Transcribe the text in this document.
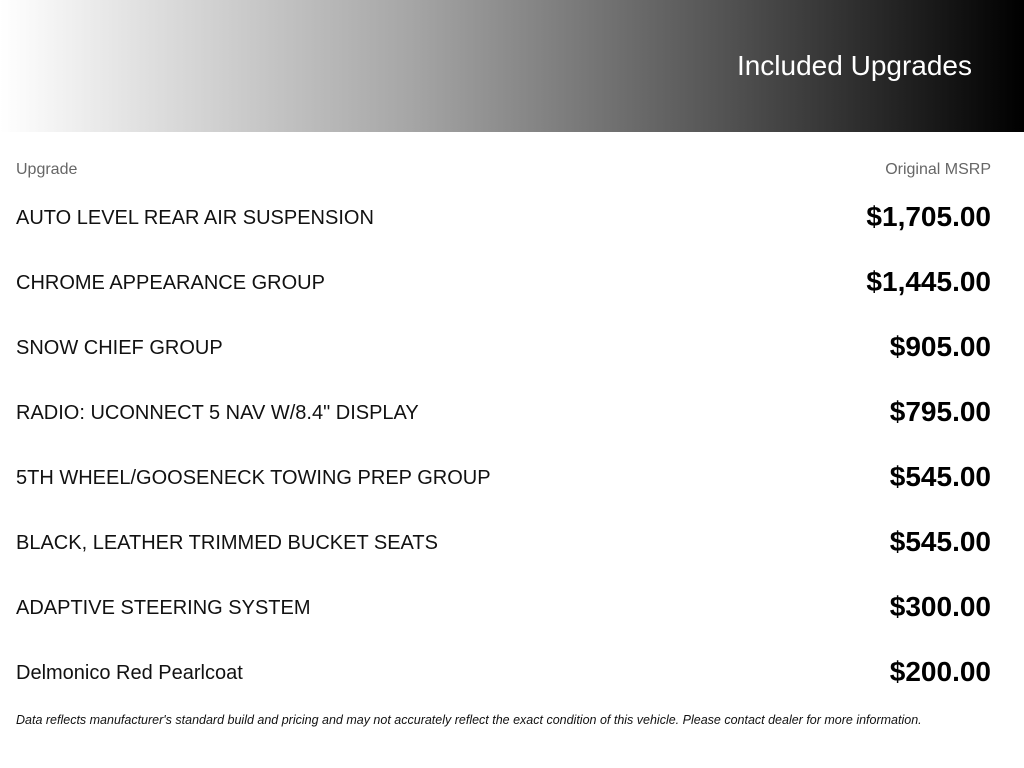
Included Upgrades
Upgrade	Original MSRP
AUTO LEVEL REAR AIR SUSPENSION	$1,705.00
CHROME APPEARANCE GROUP	$1,445.00
SNOW CHIEF GROUP	$905.00
RADIO: UCONNECT 5 NAV W/8.4" DISPLAY	$795.00
5TH WHEEL/GOOSENECK TOWING PREP GROUP	$545.00
BLACK, LEATHER TRIMMED BUCKET SEATS	$545.00
ADAPTIVE STEERING SYSTEM	$300.00
Delmonico Red Pearlcoat	$200.00
Data reflects manufacturer's standard build and pricing and may not accurately reflect the exact condition of this vehicle. Please contact dealer for more information.
